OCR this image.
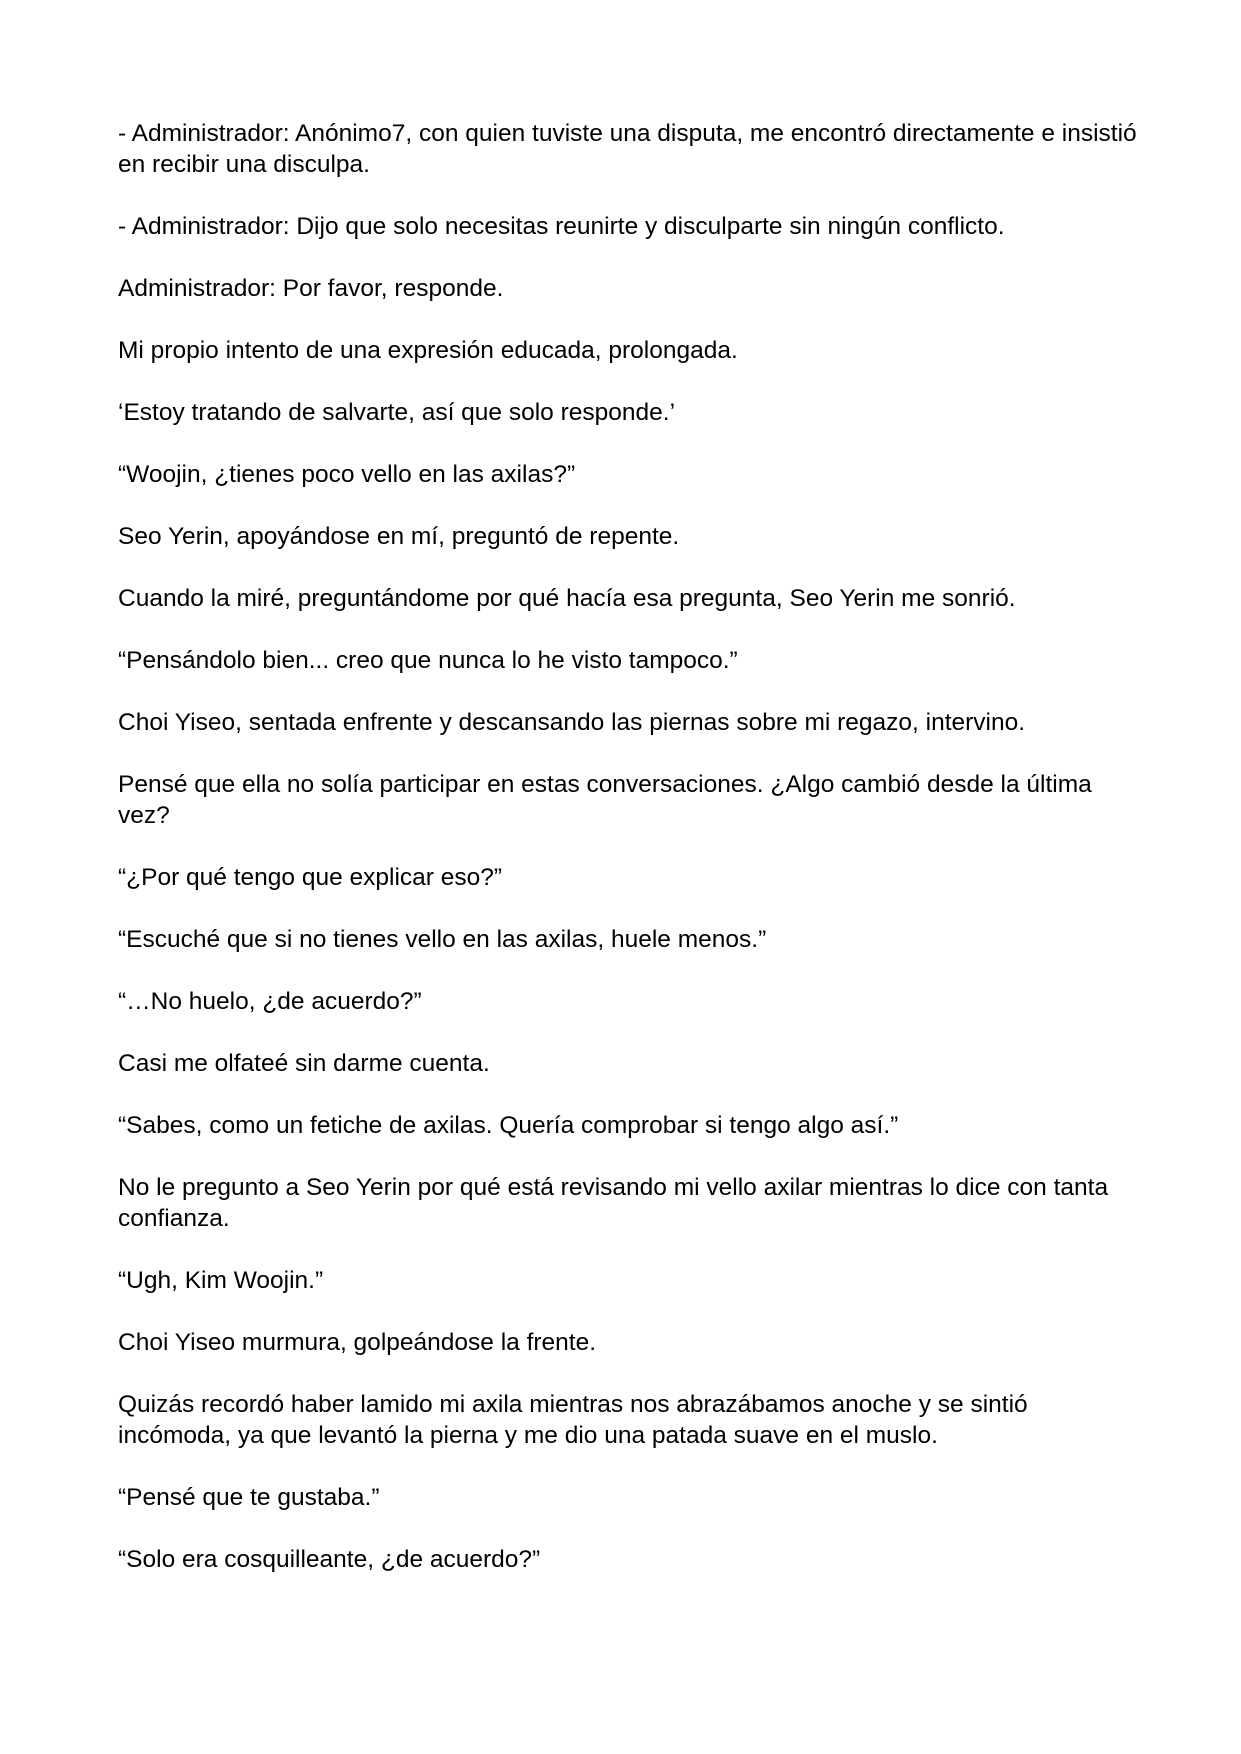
- Administrador: Anónimo7, con quien tuviste una disputa, me encontró directamente e insistió en recibir una disculpa.

- Administrador: Dijo que solo necesitas reunirte y disculparte sin ningún conflicto.

Administrador: Por favor, responde.

Mi propio intento de una expresión educada, prolongada.

‘Estoy tratando de salvarte, así que solo responde.’

“Woojin, ¿tienes poco vello en las axilas?”

Seo Yerin, apoyándose en mí, preguntó de repente.

Cuando la miré, preguntándome por qué hacía esa pregunta, Seo Yerin me sonrió.

“Pensándolo bien... creo que nunca lo he visto tampoco.”

Choi Yiseo, sentada enfrente y descansando las piernas sobre mi regazo, intervino.

Pensé que ella no solía participar en estas conversaciones. ¿Algo cambió desde la última vez?

“¿Por qué tengo que explicar eso?”

“Escuché que si no tienes vello en las axilas, huele menos.”

“…No huelo, ¿de acuerdo?”

Casi me olfateé sin darme cuenta.

“Sabes, como un fetiche de axilas. Quería comprobar si tengo algo así.”

No le pregunto a Seo Yerin por qué está revisando mi vello axilar mientras lo dice con tanta confianza.

“Ugh, Kim Woojin.”

Choi Yiseo murmura, golpeándose la frente.

Quizás recordó haber lamido mi axila mientras nos abrazábamos anoche y se sintió incómoda, ya que levantó la pierna y me dio una patada suave en el muslo.

“Pensé que te gustaba.”

“Solo era cosquilleante, ¿de acuerdo?”
